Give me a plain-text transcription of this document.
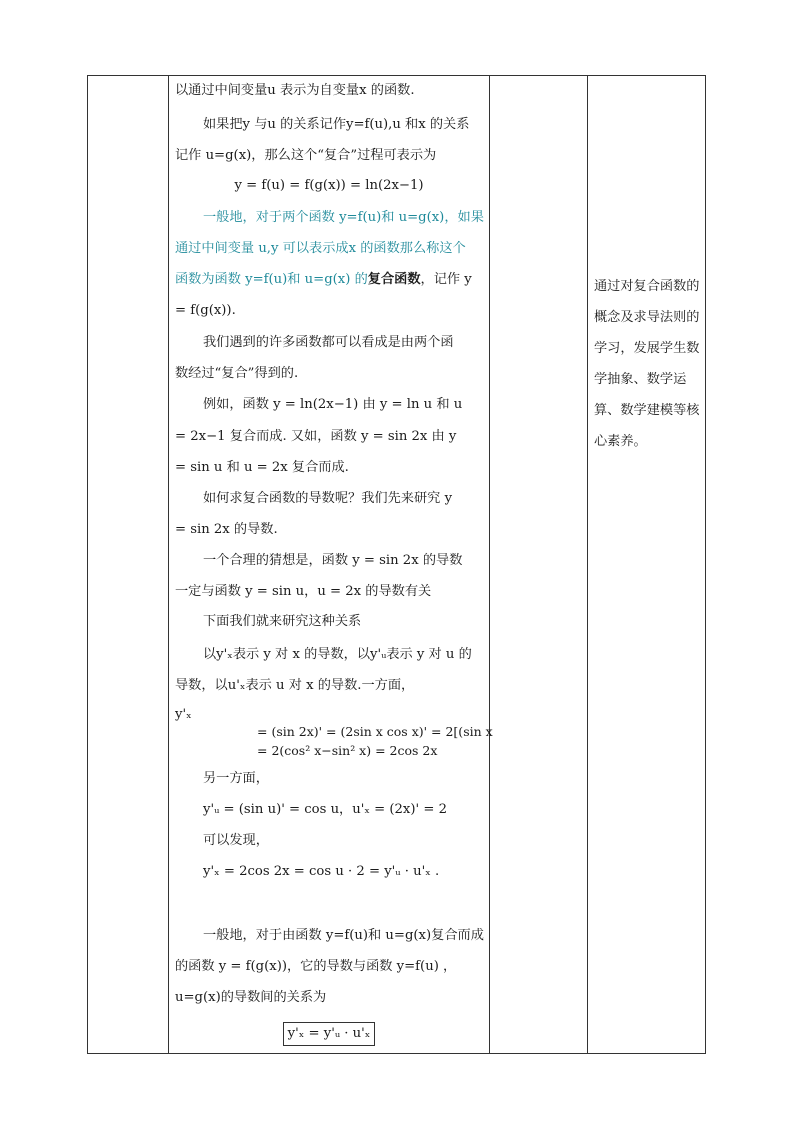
以通过中间变量u 表示为自变量x 的函数.
如果把y 与u 的关系记作y=f(u),u 和x 的关系
记作 u=g(x)，那么这个“复合”过程可表示为
y = f(u) = f(g(x)) = ln(2x−1)
一般地，对于两个函数 y=f(u)和 u=g(x)，如果
通过中间变量 u,y 可以表示成x 的函数那么称这个
函数为函数 y=f(u)和 u=g(x) 的复合函数，记作 y
= f(g(x)).
我们遇到的许多函数都可以看成是由两个函
数经过“复合”得到的.
例如，函数 y = ln(2x−1) 由 y = ln u 和 u
= 2x−1 复合而成. 又如，函数 y = sin 2x 由 y
= sin u 和 u = 2x 复合而成.
如何求复合函数的导数呢？我们先来研究 y
= sin 2x 的导数.
一个合理的猜想是，函数 y = sin 2x 的导数
一定与函数 y = sin u，u = 2x 的导数有关
下面我们就来研究这种关系
以y'ₓ表示 y 对 x 的导数，以y'ᵤ表示 y 对 u 的
导数，以u'ₓ表示 u 对 x 的导数.一方面，
y'ₓ
= (sin 2x)' = (2sin x cos x)' = 2[(sin x
= 2(cos² x−sin² x) = 2cos 2x
另一方面，
y'ᵤ = (sin u)' = cos u，u'ₓ = (2x)' = 2
可以发现，
y'ₓ = 2cos 2x = cos u · 2 = y'ᵤ · u'ₓ .
一般地，对于由函数 y=f(u)和 u=g(x)复合而成
的函数 y = f(g(x))，它的导数与函数 y=f(u) ，
u=g(x)的导数间的关系为
y'ₓ = y'ᵤ · u'ₓ
通过对复合函数的概念及求导法则的学习，发展学生数学抽象、数学运算、数学建模等核心素养。
